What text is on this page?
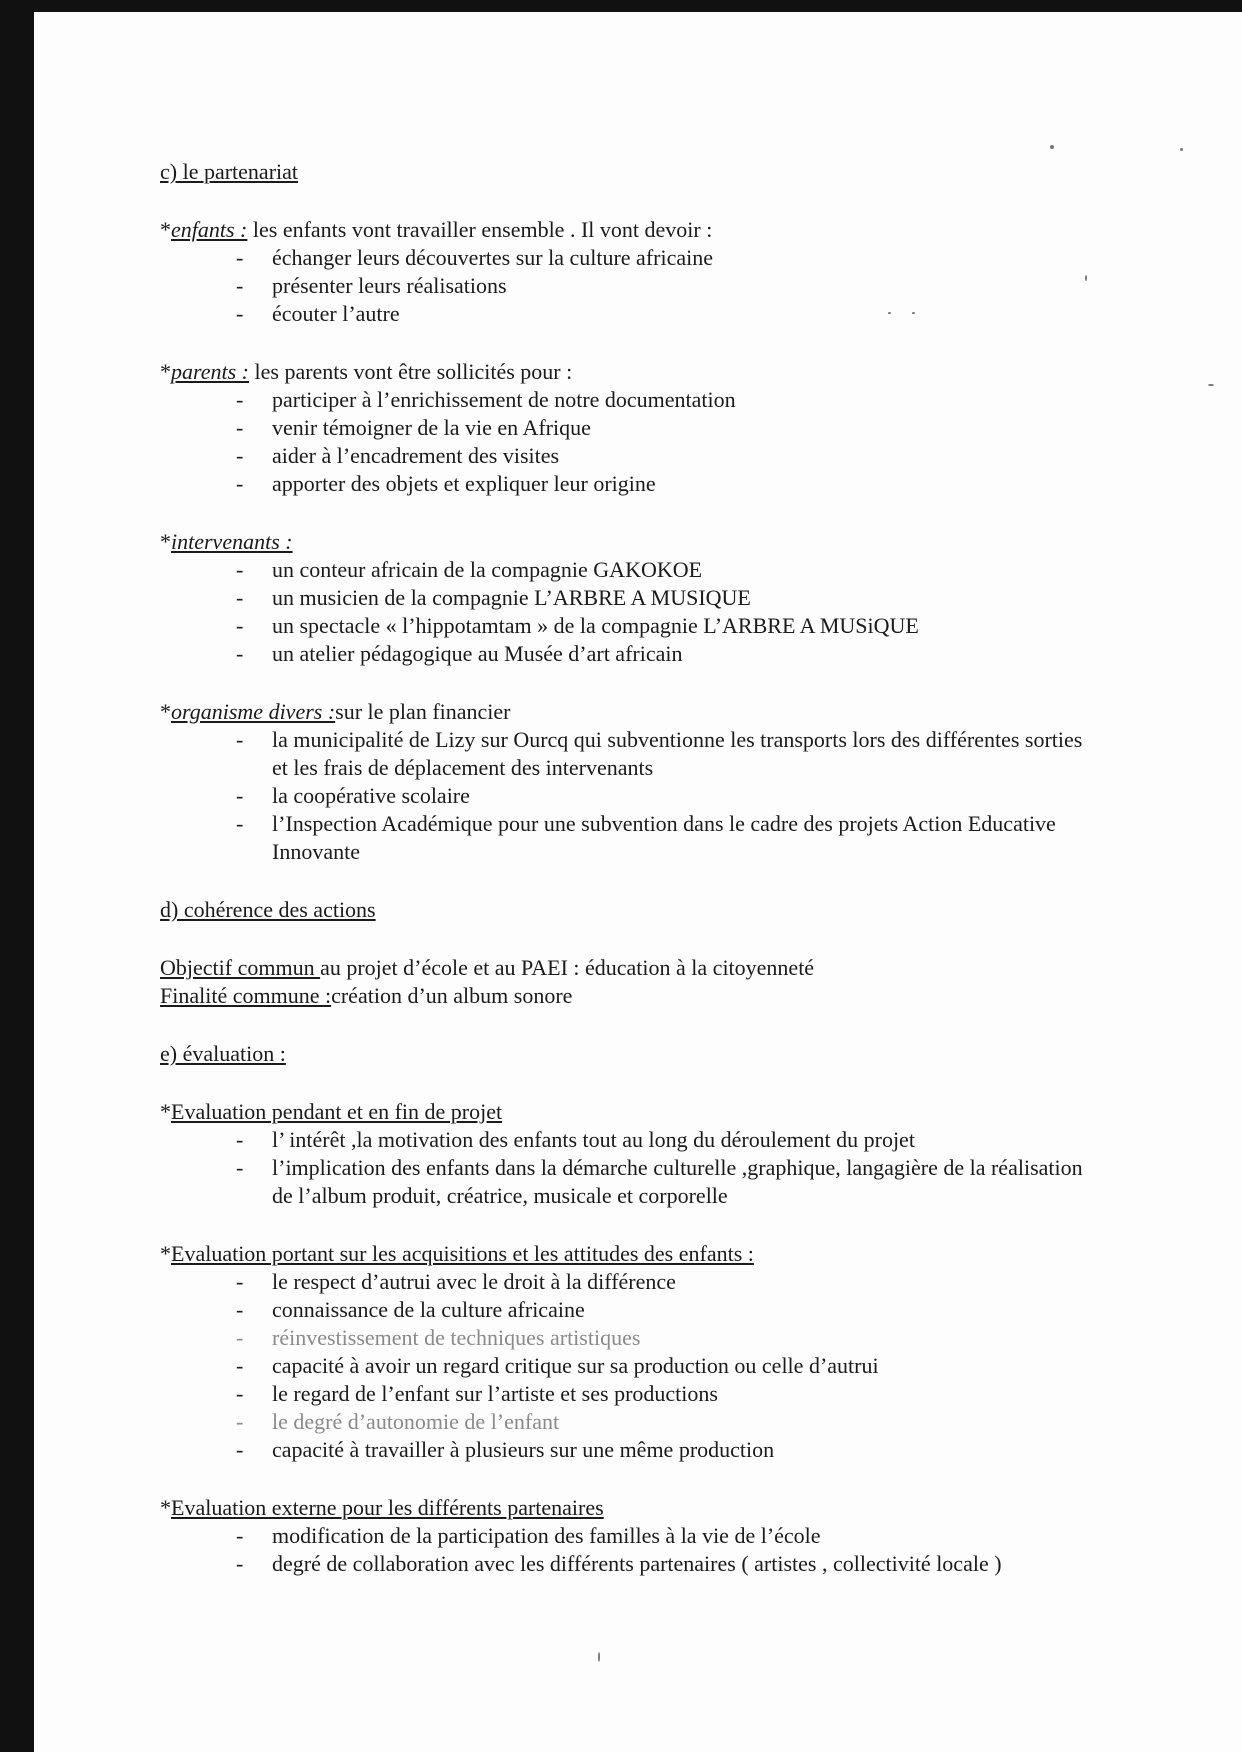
c) le partenariat

*enfants : les enfants vont travailler ensemble . Il vont devoir :

- échanger leurs découvertes sur la culture africaine
- présenter leurs réalisations
- écouter l’autre

*parents : les parents vont être sollicités pour :

- participer à l’enrichissement de notre documentation
- venir témoigner de la vie en Afrique
- aider à l’encadrement des visites
- apporter des objets et expliquer leur origine

*intervenants :

- un conteur africain de la compagnie GAKOKOE
- un musicien de la compagnie L’ARBRE A MUSIQUE
- un spectacle « l’hippotamtam » de la compagnie L’ARBRE A MUSiQUE
- un atelier pédagogique au Musée d’art africain

*organisme divers :sur le plan financier

- la municipalité de Lizy sur Ourcq qui subventionne les transports lors des différentes sorties et les frais de déplacement des intervenants
- la coopérative scolaire
- l’Inspection Académique pour une subvention dans le cadre des projets Action Educative Innovante

d) cohérence des actions

Objectif commun au projet d’école et au PAEI : éducation à la citoyenneté

Finalité commune :création d’un album sonore

e) évaluation :

*Evaluation pendant et en fin de projet

- l’ intérêt ,la motivation des enfants tout au long du déroulement du projet
- l’implication des enfants dans la démarche culturelle ,graphique, langagière de la réalisation de l’album produit, créatrice, musicale et corporelle

*Evaluation portant sur les acquisitions et les attitudes des enfants :

- le respect d’autrui avec le droit à la différence
- connaissance de la culture africaine
- réinvestissement de techniques artistiques
- capacité à avoir un regard critique sur sa production ou celle d’autrui
- le regard de l’enfant sur l’artiste et ses productions
- le degré d’autonomie de l’enfant
- capacité à travailler à plusieurs sur une même production

*Evaluation externe pour les différents partenaires

- modification de la participation des familles à la vie de l’école
- degré de collaboration avec les différents partenaires ( artistes , collectivité locale )
